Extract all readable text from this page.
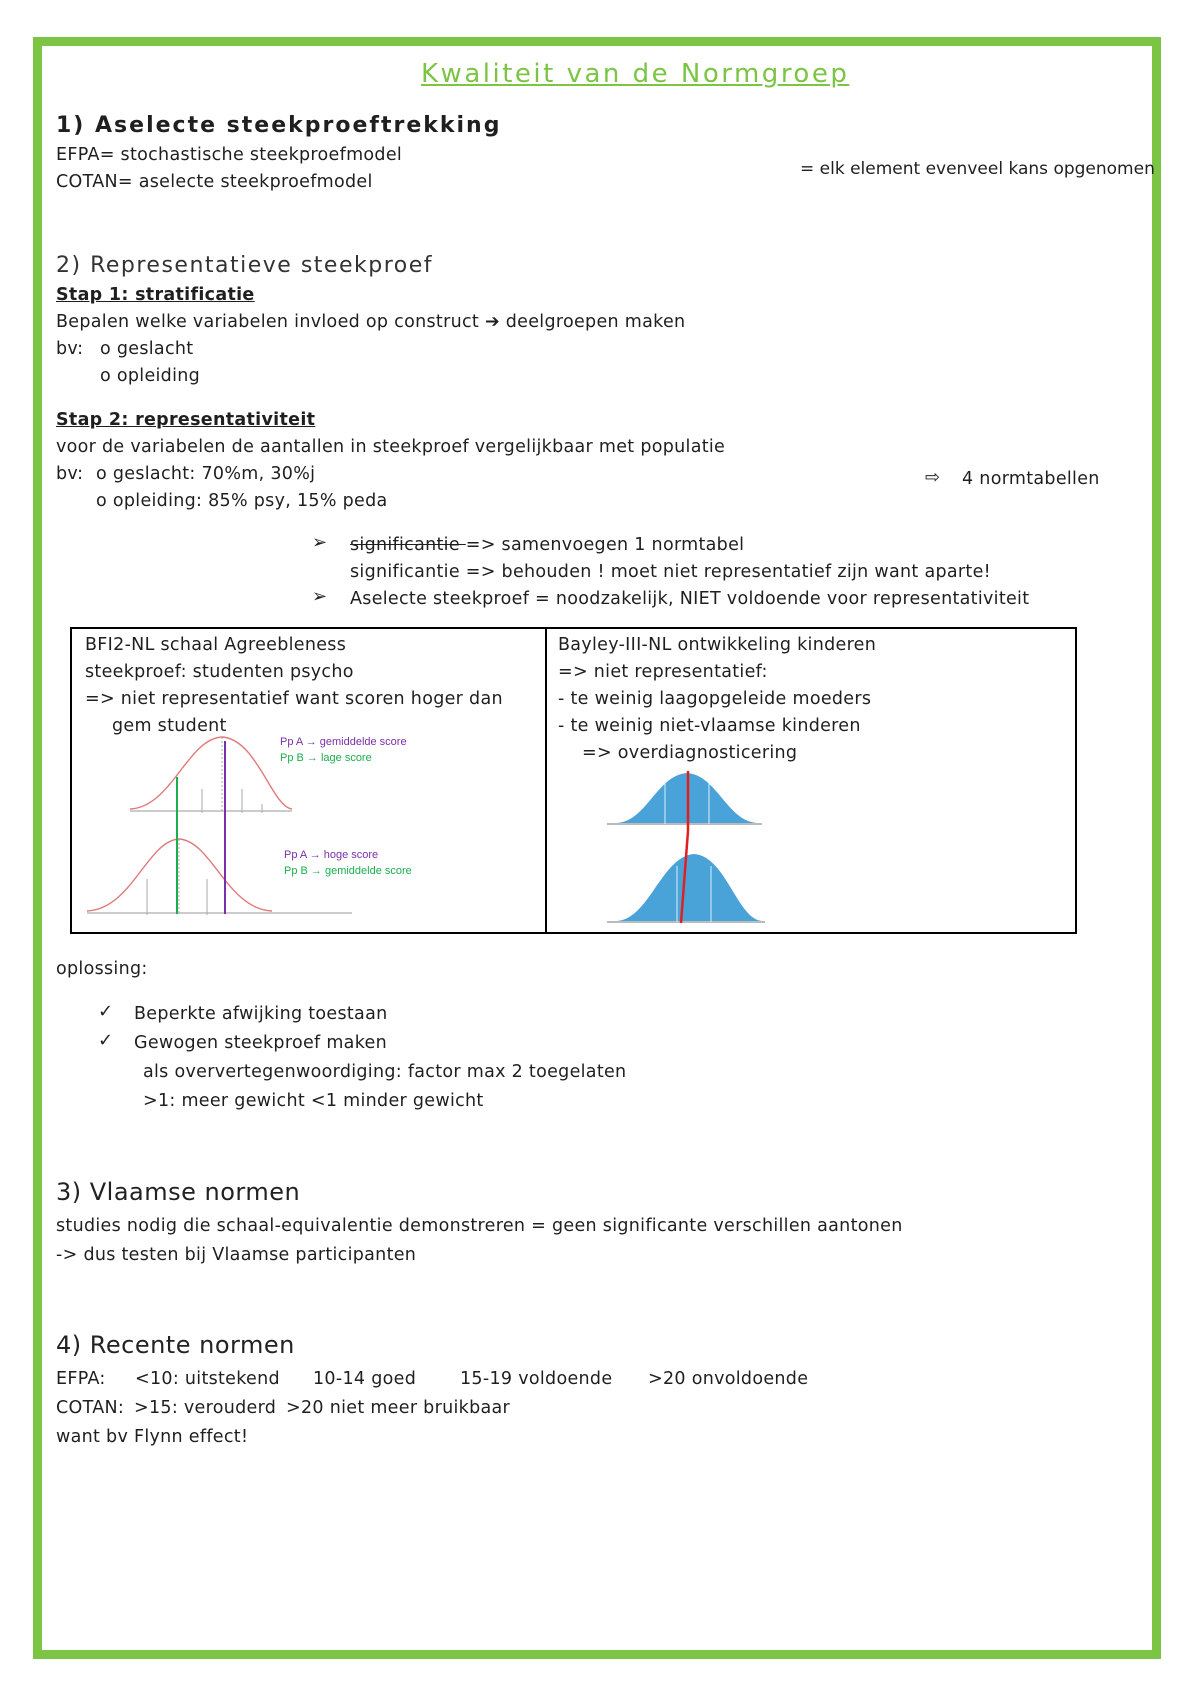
Kwaliteit van de Normgroep
1) Aselecte steekproeftrekking
EFPA= stochastische steekproefmodel
COTAN= aselecte steekproefmodel
= elk element evenveel kans opgenomen
2) Representatieve steekproef
Stap 1: stratificatie
Bepalen welke variabelen invloed op construct ➔ deelgroepen maken
bv: o geslacht
o opleiding
Stap 2: representativiteit
voor de variabelen de aantallen in steekproef vergelijkbaar met populatie
bv: o geslacht: 70%m, 30%j
o opleiding: 85% psy, 15% peda
⇨ 4 normtabellen
➢ significantie => samenvoegen 1 normtabel
significantie => behouden ! moet niet representatief zijn want aparte!
➢ Aselecte steekproef = noodzakelijk, NIET voldoende voor representativiteit
BFI2-NL schaal Agreebleness
steekproef: studenten psycho
=> niet representatief want scoren hoger dan
gem student
Bayley-III-NL ontwikkeling kinderen
=> niet representatief:
- te weinig laagopgeleide moeders
- te weinig niet-vlaamse kinderen
=> overdiagnosticering
Pp A → gemiddelde score
Pp B → lage score
Pp A → hoge score
Pp B → gemiddelde score
oplossing:
✓ Beperkte afwijking toestaan
✓ Gewogen steekproef maken
als oververtegenwoordiging: factor max 2 toegelaten
>1: meer gewicht <1 minder gewicht
3) Vlaamse normen
studies nodig die schaal-equivalentie demonstreren = geen significante verschillen aantonen
-> dus testen bij Vlaamse participanten
4) Recente normen
EFPA: <10: uitstekend 10-14 goed	15-19 voldoende >20 onvoldoende
COTAN: >15: verouderd >20 niet meer bruikbaar
want bv Flynn effect!
